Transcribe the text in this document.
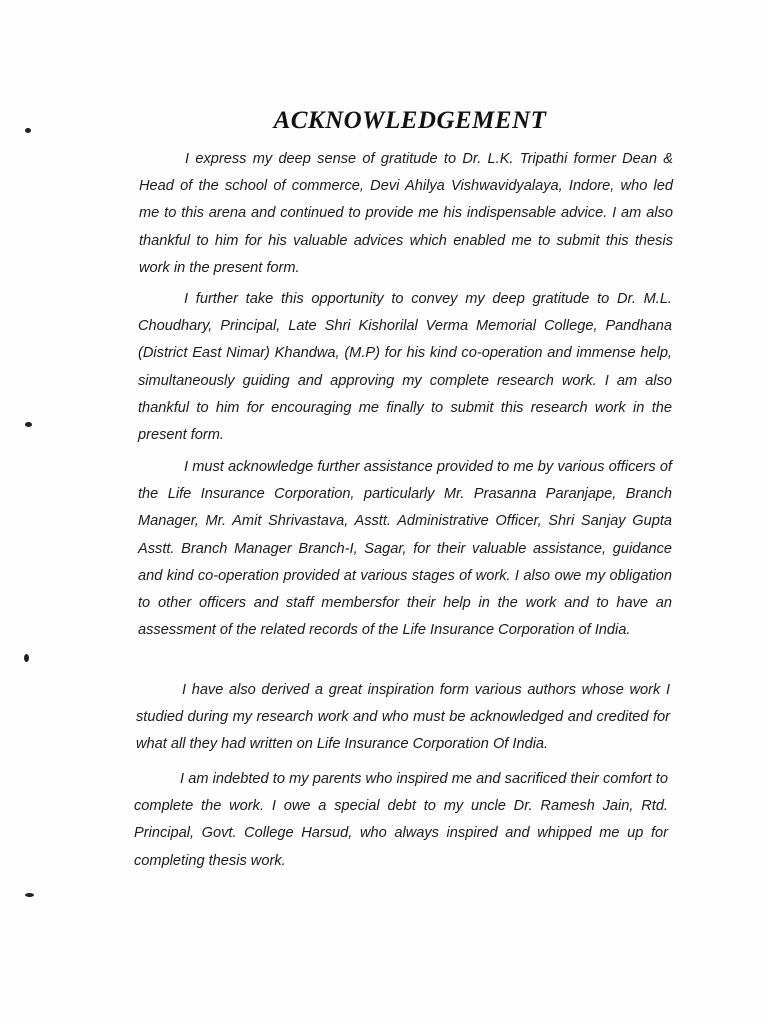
ACKNOWLEDGEMENT

I express my deep sense of gratitude to Dr. L.K. Tripathi former Dean & Head of the school of commerce, Devi Ahilya Vishwavidyalaya, Indore, who led me to this arena and continued to provide me his indispensable advice. I am also thankful to him for his valuable advices which enabled me to submit this thesis work in the present form.

I further take this opportunity to convey my deep gratitude to Dr. M.L. Choudhary, Principal, Late Shri Kishorilal Verma Memorial College, Pandhana (District East Nimar) Khandwa, (M.P) for his kind co-operation and immense help, simultaneously guiding and approving my complete research work. I am also thankful to him for encouraging me finally to submit this research work in the present form.

I must acknowledge further assistance provided to me by various officers of the Life Insurance Corporation, particularly Mr. Prasanna Paranjape, Branch Manager, Mr. Amit Shrivastava, Asstt. Administrative Officer, Shri Sanjay Gupta Asstt. Branch Manager Branch-I, Sagar, for their valuable assistance, guidance and kind co-operation provided at various stages of work. I also owe my obligation to other officers and staff membersfor their help in the work and to have an assessment of the related records of the Life Insurance Corporation of India.

I have also derived a great inspiration form various authors whose work I studied during my research work and who must be acknowledged and credited for what all they had written on Life Insurance Corporation Of India.

I am indebted to my parents who inspired me and sacrificed their comfort to complete the work. I owe a special debt to my uncle Dr. Ramesh Jain, Rtd. Principal, Govt. College Harsud, who always inspired and whipped me up for completing thesis work.
